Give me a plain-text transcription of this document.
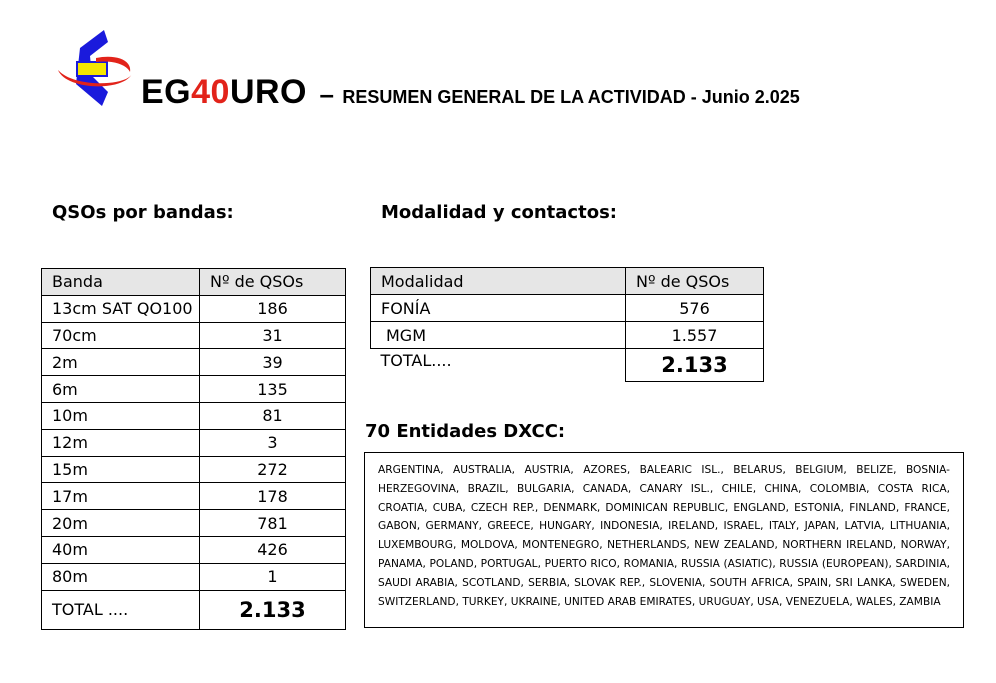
EG40URO – RESUMEN GENERAL DE LA ACTIVIDAD - Junio 2.025
QSOs por bandas:	Modalidad y contactos:
70 Entidades DXCC:
Banda	Nº de QSOs
13cm SAT QO100	186
70cm	31
2m	39
6m	135
10m	81
12m	3
15m	272
17m	178
20m	781
40m	426
80m	1
TOTAL ....	2.133
Modalidad	Nº de QSOs
FONÍA	576
MGM	1.557
TOTAL....	2.133
ARGENTINA, AUSTRALIA, AUSTRIA, AZORES, BALEARIC ISL., BELARUS, BELGIUM, BELIZE, BOSNIA-HERZEGOVINA, BRAZIL, BULGARIA, CANADA, CANARY ISL., CHILE, CHINA, COLOMBIA, COSTA RICA, CROATIA, CUBA, CZECH REP., DENMARK, DOMINICAN REPUBLIC, ENGLAND, ESTONIA, FINLAND, FRANCE, GABON, GERMANY, GREECE, HUNGARY, INDONESIA, IRELAND, ISRAEL, ITALY, JAPAN, LATVIA, LITHUANIA, LUXEMBOURG, MOLDOVA, MONTENEGRO, NETHERLANDS, NEW ZEALAND, NORTHERN IRELAND, NORWAY, PANAMA, POLAND, PORTUGAL, PUERTO RICO, ROMANIA, RUSSIA (ASIATIC), RUSSIA (EUROPEAN), SARDINIA, SAUDI ARABIA, SCOTLAND, SERBIA, SLOVAK REP., SLOVENIA, SOUTH AFRICA, SPAIN, SRI LANKA, SWEDEN, SWITZERLAND, TURKEY, UKRAINE, UNITED ARAB EMIRATES, URUGUAY, USA, VENEZUELA, WALES, ZAMBIA
